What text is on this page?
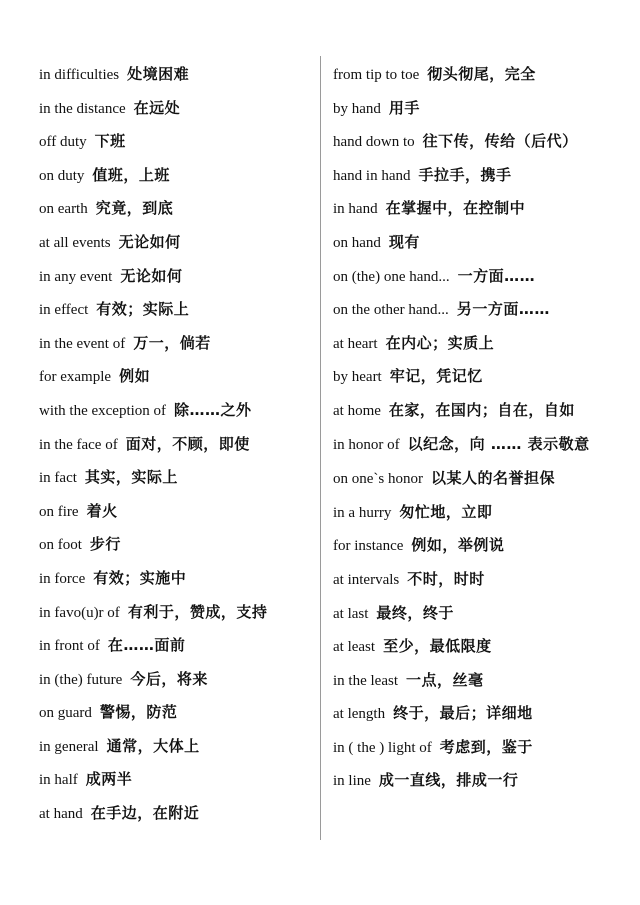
in difficulties 处境困难
in the distance 在远处
off duty 下班
on duty 值班，上班
on earth 究竟，到底
at all events 无论如何
in any event 无论如何
in effect 有效；实际上
in the event of 万一，倘若
for example 例如
with the exception of 除……之外
in the face of 面对，不顾，即使
in fact 其实，实际上
on fire 着火
on foot 步行
in force 有效；实施中
in favo(u)r of 有利于，赞成，支持
in front of 在……面前
in (the) future 今后，将来
on guard 警惕，防范
in general 通常，大体上
in half 成两半
at hand 在手边，在附近
from tip to toe 彻头彻尾，完全
by hand 用手
hand down to 往下传，传给（后代）
hand in hand 手拉手，携手
in hand 在掌握中，在控制中
on hand 现有
on (the) one hand... 一方面……
on the other hand... 另一方面……
at heart 在内心；实质上
by heart 牢记，凭记忆
at home 在家，在国内；自在，自如
in honor of 以纪念，向 …… 表示敬意
on one`s honor 以某人的名誉担保
in a hurry 匆忙地，立即
for instance 例如，举例说
at intervals 不时，时时
at last 最终，终于
at least 至少，最低限度
in the least 一点，丝毫
at length 终于，最后；详细地
in ( the ) light of 考虑到，鉴于
in line 成一直线，排成一行
